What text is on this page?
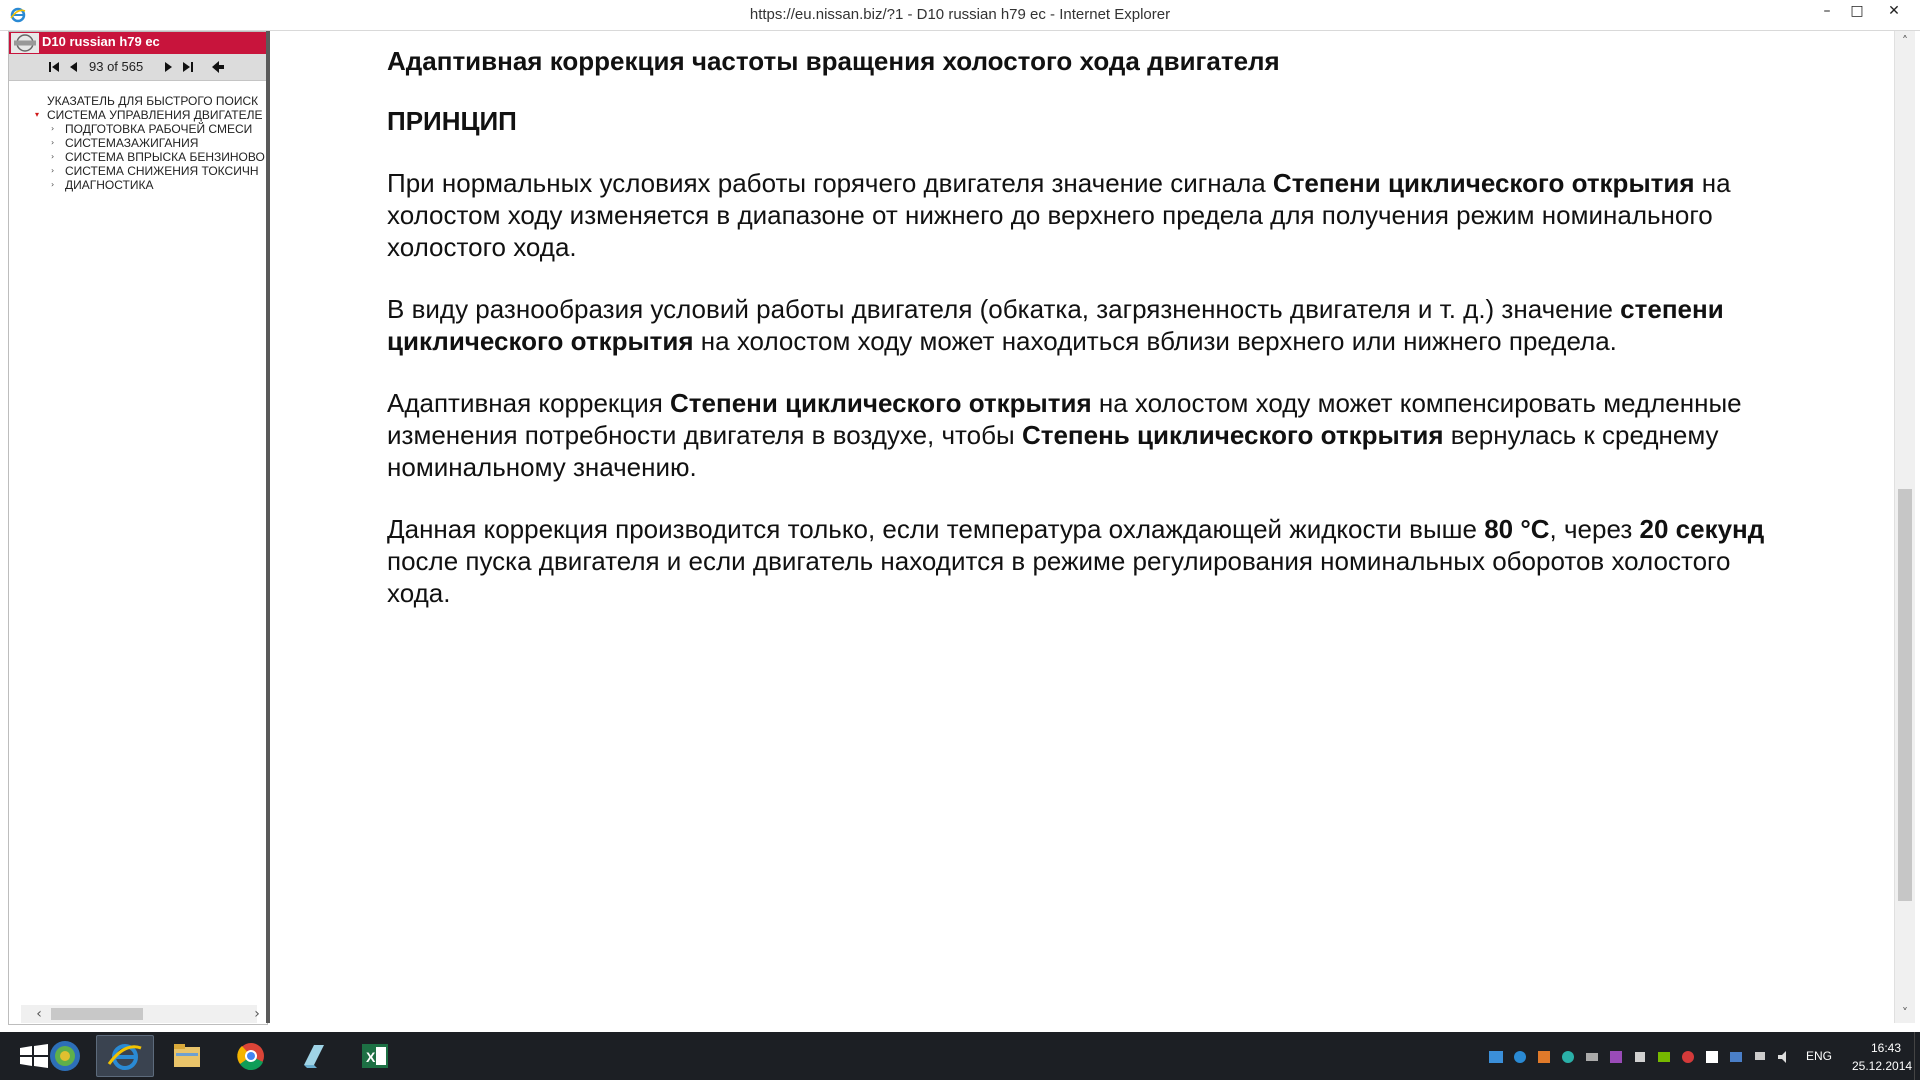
https://eu.nissan.biz/?1 - D10 russian h79 ec - Internet Explorer	–	□	✕
D10 russian h79 ec
93 of 565
УКАЗАТЕЛЬ ДЛЯ БЫСТРОГО ПОИСК
▾ СИСТЕМА УПРАВЛЕНИЯ ДВИГАТЕЛЕ
› ПОДГОТОВКА РАБОЧЕЙ СМЕСИ
› СИСТЕМАЗАЖИГАНИЯ
› СИСТЕМА ВПРЫСКА БЕНЗИНОВО
› СИСТЕМА СНИЖЕНИЯ ТОКСИЧН
› ДИАГНОСТИКА
‹	›
Адаптивная коррекция частоты вращения холостого хода двигателя
ПРИНЦИП

При нормальных условиях работы горячего двигателя значение сигнала Степени циклического открытия на холостом ходу изменяется в диапазоне от нижнего до верхнего предела для получения режим номинального холостого хода.

В виду разнообразия условий работы двигателя (обкатка, загрязненность двигателя и т. д.) значение степени циклического открытия на холостом ходу может находиться вблизи верхнего или нижнего предела.

Адаптивная коррекция Степени циклического открытия на холостом ходу может компенсировать медленные изменения потребности двигателя в воздухе, чтобы Степень циклического открытия вернулась к среднему номинальному значению.

Данная коррекция производится только, если температура охлаждающей жидкости выше 80 °C, через 20 секунд после пуска двигателя и если двигатель находится в режиме регулирования номинальных оборотов холостого хода.

˄
˅
X	ENG
16:43
25.12.2014
